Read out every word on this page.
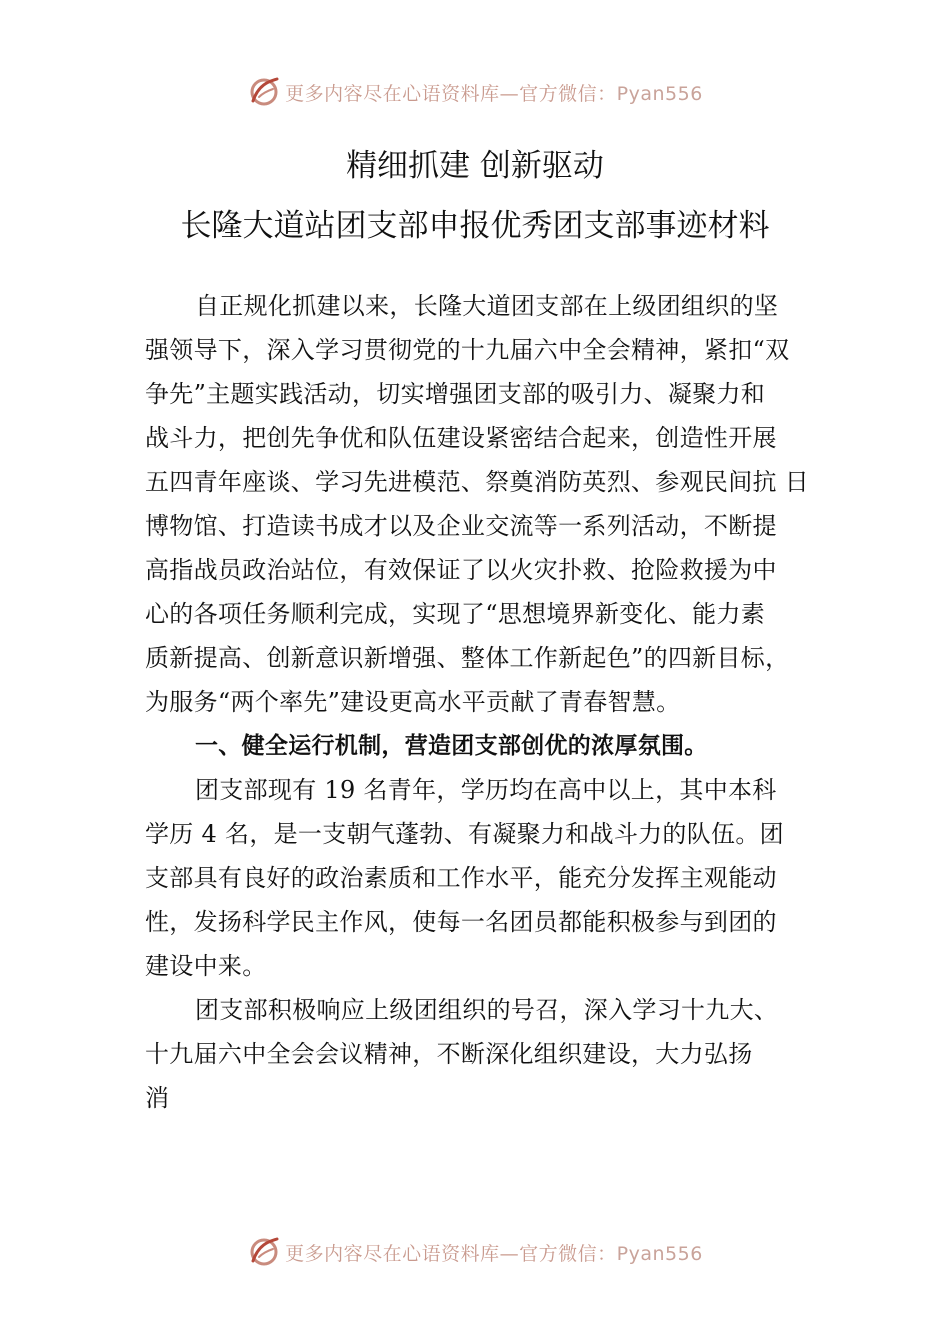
更多内容尽在心语资料库—官方微信：Pyan556
精细抓建 创新驱动
长隆大道站团支部申报优秀团支部事迹材料
自正规化抓建以来，长隆大道团支部在上级团组织的坚
强领导下，深入学习贯彻党的十九届六中全会精神，紧扣“双
争先”主题实践活动，切实增强团支部的吸引力、凝聚力和
战斗力，把创先争优和队伍建设紧密结合起来，创造性开展
五四青年座谈、学习先进模范、祭奠消防英烈、参观民间抗 日
博物馆、打造读书成才以及企业交流等一系列活动，不断提
高指战员政治站位，有效保证了以火灾扑救、抢险救援为中
心的各项任务顺利完成，实现了“思想境界新变化、能力素
质新提高、创新意识新增强、整体工作新起色”的四新目标，
为服务“两个率先”建设更高水平贡献了青春智慧。
一、健全运行机制，营造团支部创优的浓厚氛围。
团支部现有 19 名青年，学历均在高中以上，其中本科
学历 4 名，是一支朝气蓬勃、有凝聚力和战斗力的队伍。团
支部具有良好的政治素质和工作水平，能充分发挥主观能动
性，发扬科学民主作风，使每一名团员都能积极参与到团的
建设中来。
团支部积极响应上级团组织的号召，深入学习十九大、
十九届六中全会会议精神，不断深化组织建设，大力弘扬
消
更多内容尽在心语资料库—官方微信：Pyan556
